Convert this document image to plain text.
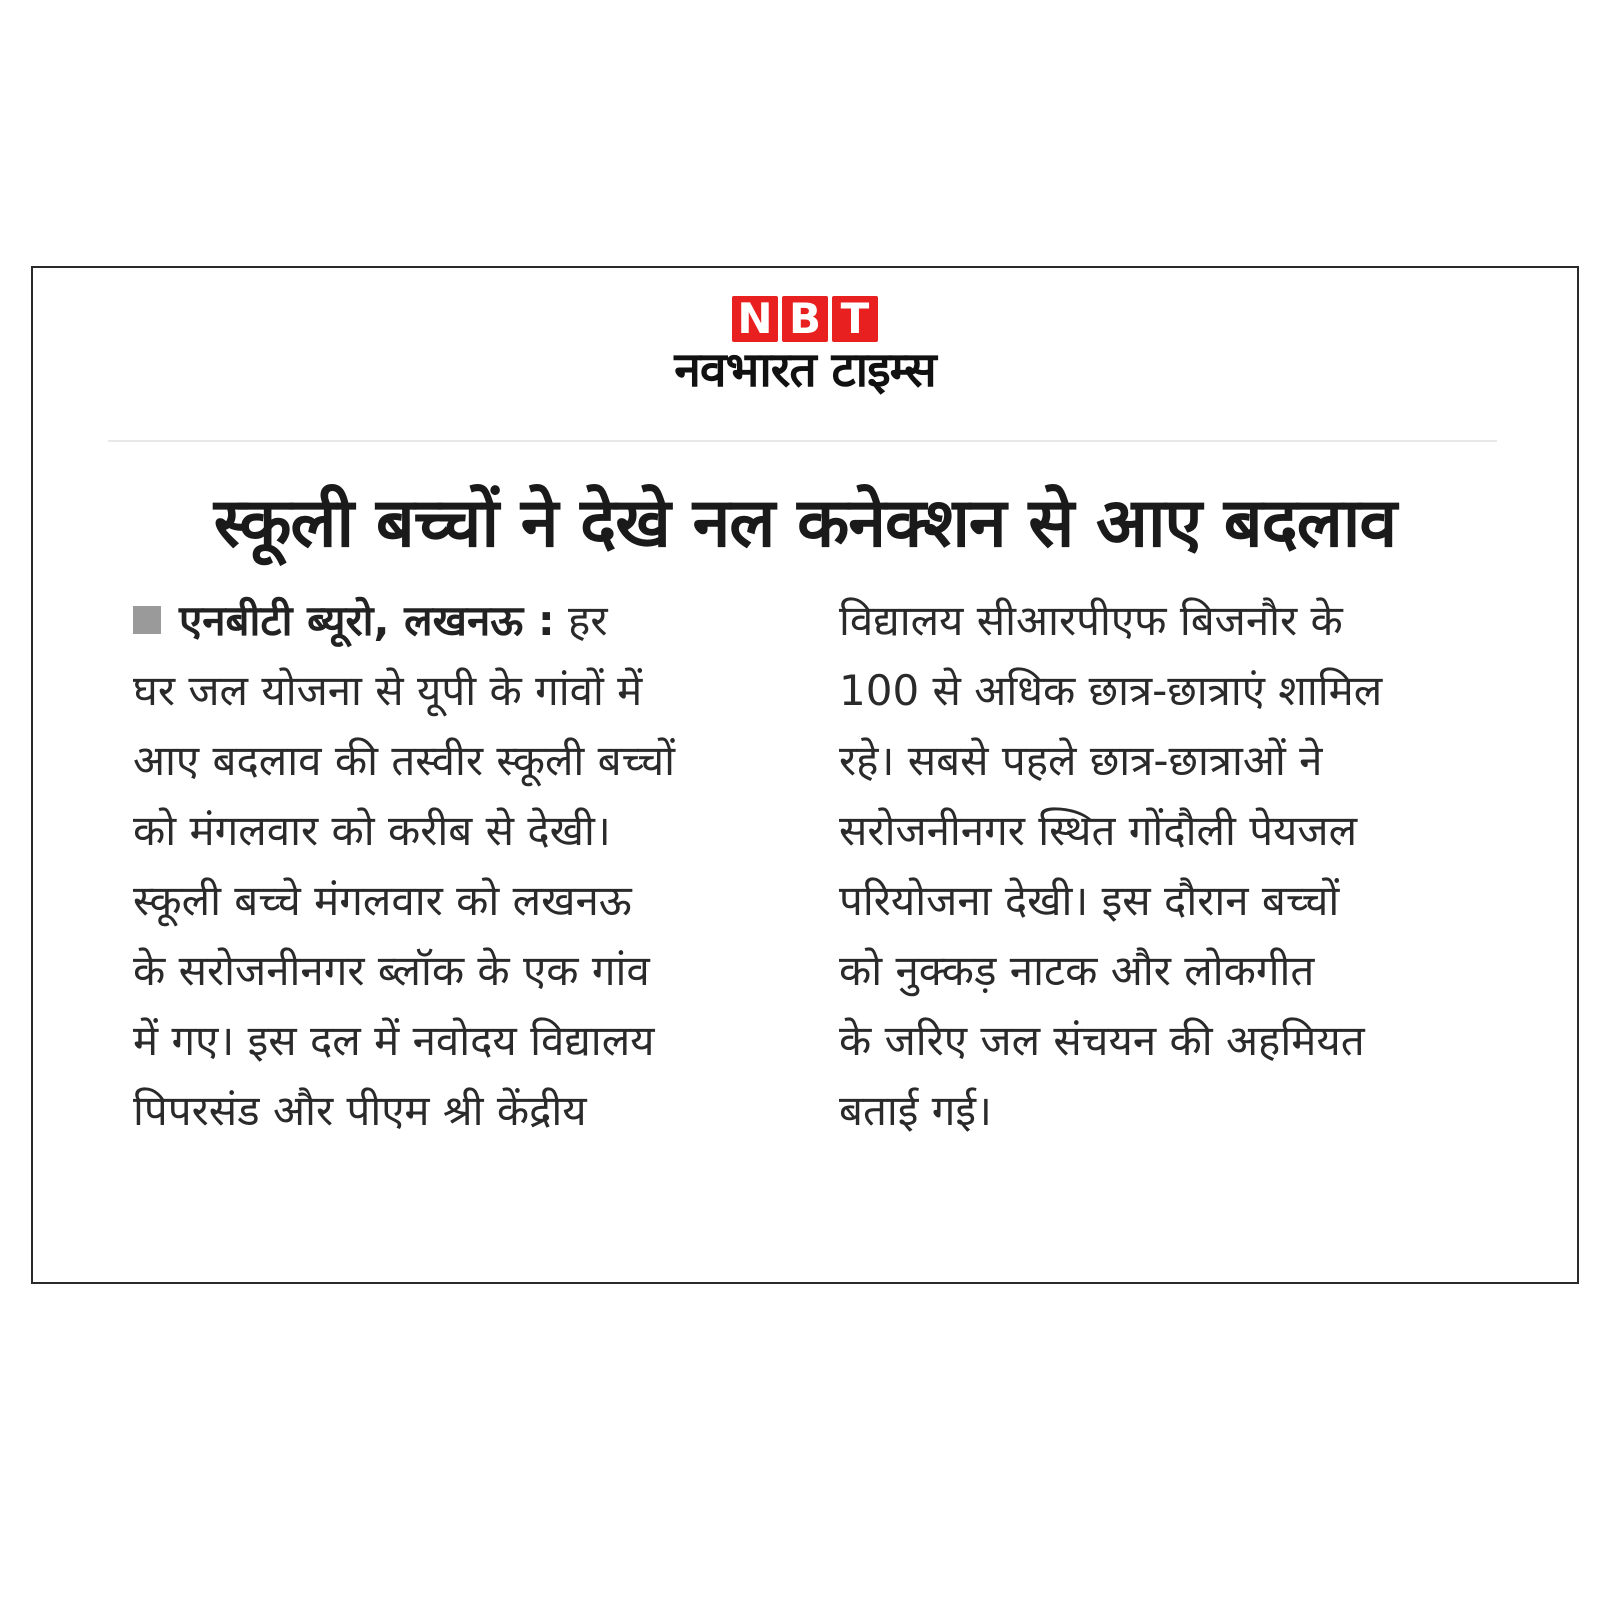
N B T
नवभारत टाइम्स
स्कूली बच्चों ने देखे नल कनेक्शन से आए बदलाव
एनबीटी ब्यूरो, लखनऊ : हर
घर जल योजना से यूपी के गांवों में
आए बदलाव की तस्वीर स्कूली बच्चों
को मंगलवार को करीब से देखी।
स्कूली बच्चे मंगलवार को लखनऊ
के सरोजनीनगर ब्लॉक के एक गांव
में गए। इस दल में नवोदय विद्यालय
पिपरसंड और पीएम श्री केंद्रीय
विद्यालय सीआरपीएफ बिजनौर के
100 से अधिक छात्र-छात्राएं शामिल
रहे। सबसे पहले छात्र-छात्राओं ने
सरोजनीनगर स्थित गोंदौली पेयजल
परियोजना देखी। इस दौरान बच्चों
को नुक्कड़ नाटक और लोकगीत
के जरिए जल संचयन की अहमियत
बताई गई।
